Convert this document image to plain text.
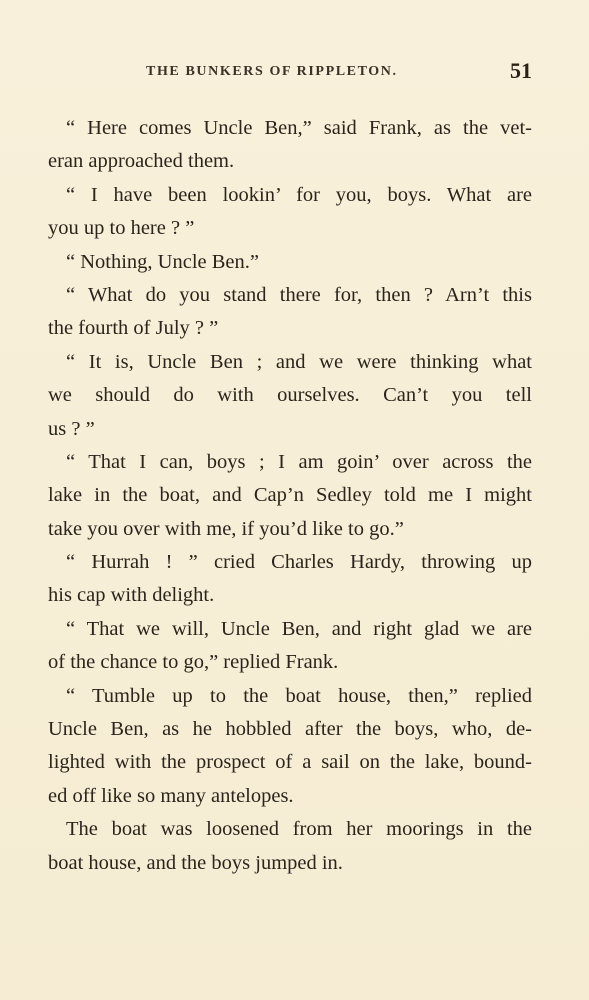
THE BUNKERS OF RIPPLETON.	51
“ Here comes Uncle Ben,” said Frank, as the vet-
eran approached them.
“ I have been lookin’ for you, boys. What are
you up to here ? ”
“ Nothing, Uncle Ben.”
“ What do you stand there for, then ? Arn’t this
the fourth of July ? ”
“ It is, Uncle Ben ; and we were thinking what
we should do with ourselves. Can’t you tell
us ? ”
“ That I can, boys ; I am goin’ over across the
lake in the boat, and Cap’n Sedley told me I might
take you over with me, if you’d like to go.”
“ Hurrah ! ” cried Charles Hardy, throwing up
his cap with delight.
“ That we will, Uncle Ben, and right glad we are
of the chance to go,” replied Frank.
“ Tumble up to the boat house, then,” replied
Uncle Ben, as he hobbled after the boys, who, de-
lighted with the prospect of a sail on the lake, bound-
ed off like so many antelopes.
The boat was loosened from her moorings in the
boat house, and the boys jumped in.
